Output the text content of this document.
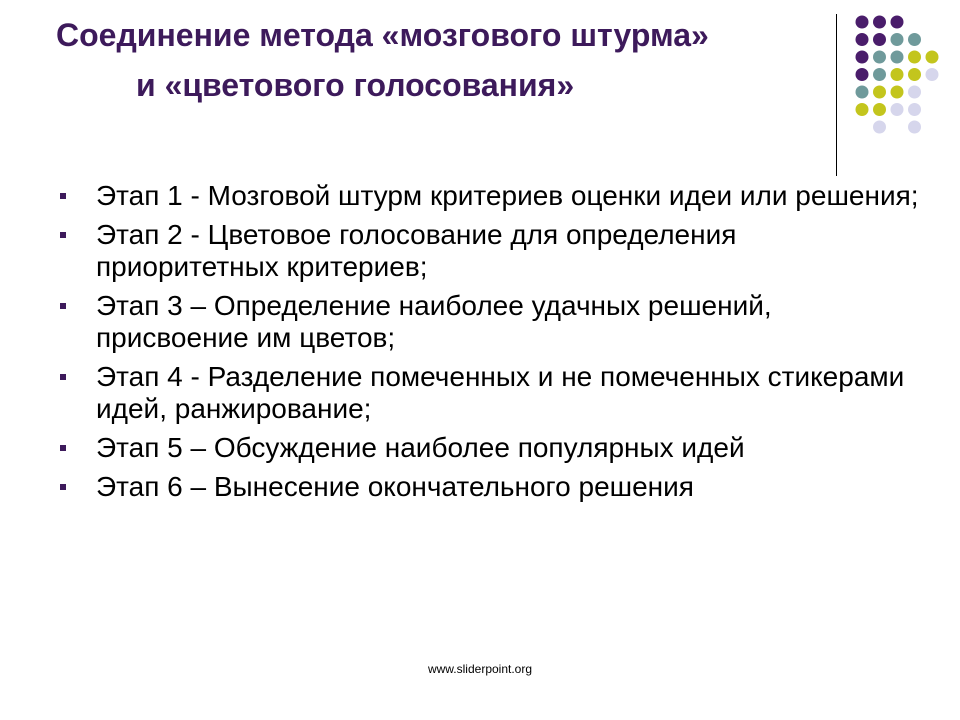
Соединение метода «мозгового штурма»
и «цветового голосования»
Этап 1 - Мозговой штурм критериев оценки идеи или решения;
Этап 2 - Цветовое голосование для определения приоритетных критериев;
Этап 3 – Определение наиболее удачных решений, присвоение им цветов;
Этап 4 - Разделение помеченных и не помеченных стикерами идей, ранжирование;
Этап 5 – Обсуждение наиболее популярных идей
Этап 6 – Вынесение окончательного решения
www.sliderpoint.org
